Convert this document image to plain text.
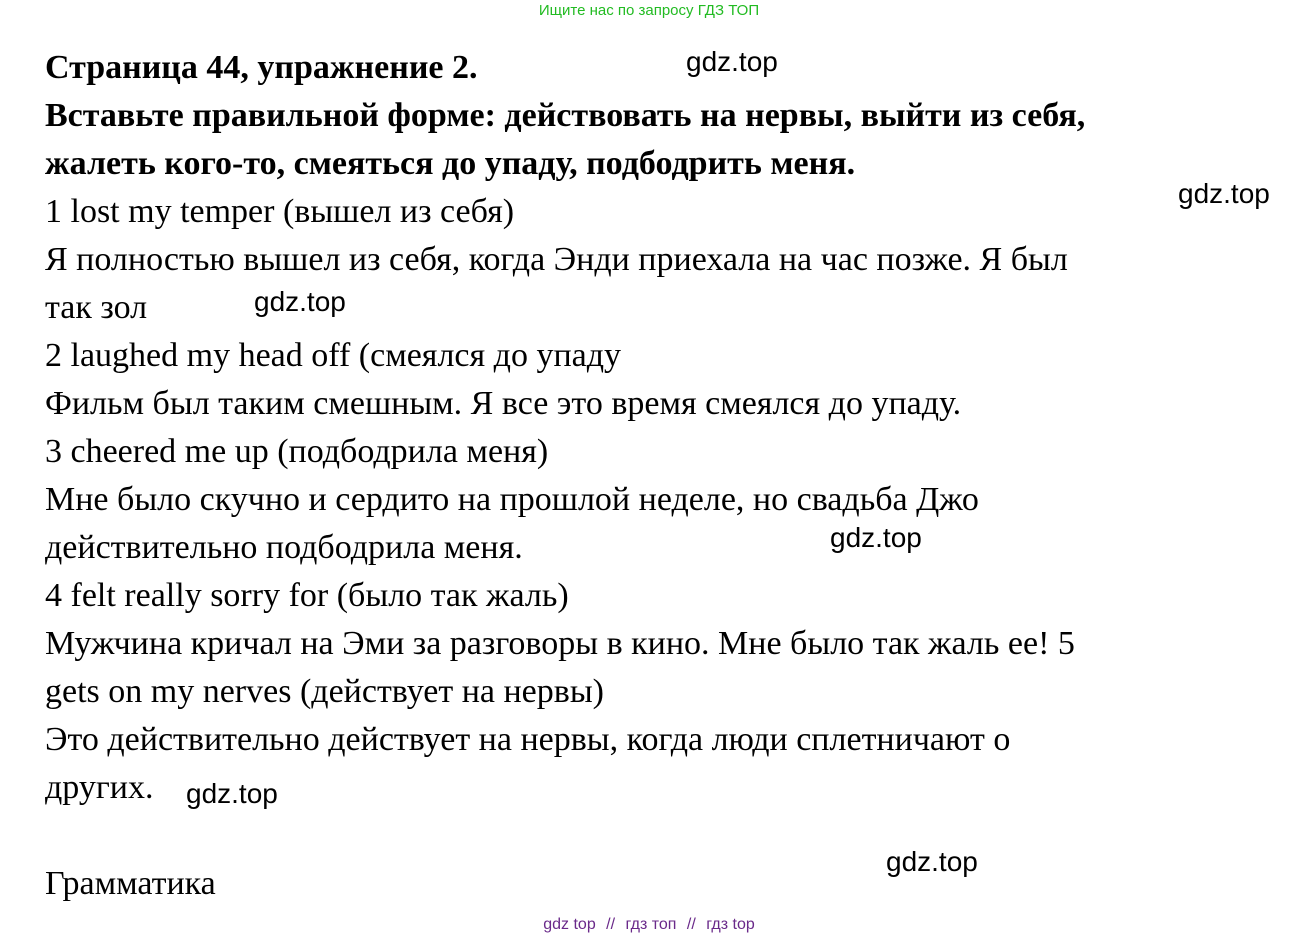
Ищите нас по запросу ГДЗ ТОП
Страница 44, упражнение 2.
Вставьте правильной форме: действовать на нервы, выйти из себя,
жалеть кого-то, смеяться до упаду, подбодрить меня.
1 lost my temper (вышел из себя)
Я полностью вышел из себя, когда Энди приехала на час позже. Я был
так зол
2 laughed my head off (смеялся до упаду
Фильм был таким смешным. Я все это время смеялся до упаду.
3 cheered me up (подбодрила меня)
Мне было скучно и сердито на прошлой неделе, но свадьба Джо
действительно подбодрила меня.
4 felt really sorry for (было так жаль)
Мужчина кричал на Эми за разговоры в кино. Мне было так жаль ее! 5
gets on my nerves (действует на нервы)
Это действительно действует на нервы, когда люди сплетничают о
других.
Грамматика
gdz.top
gdz.top
gdz.top
gdz.top
gdz.top
gdz.top
gdz top // гдз топ // гдз top
